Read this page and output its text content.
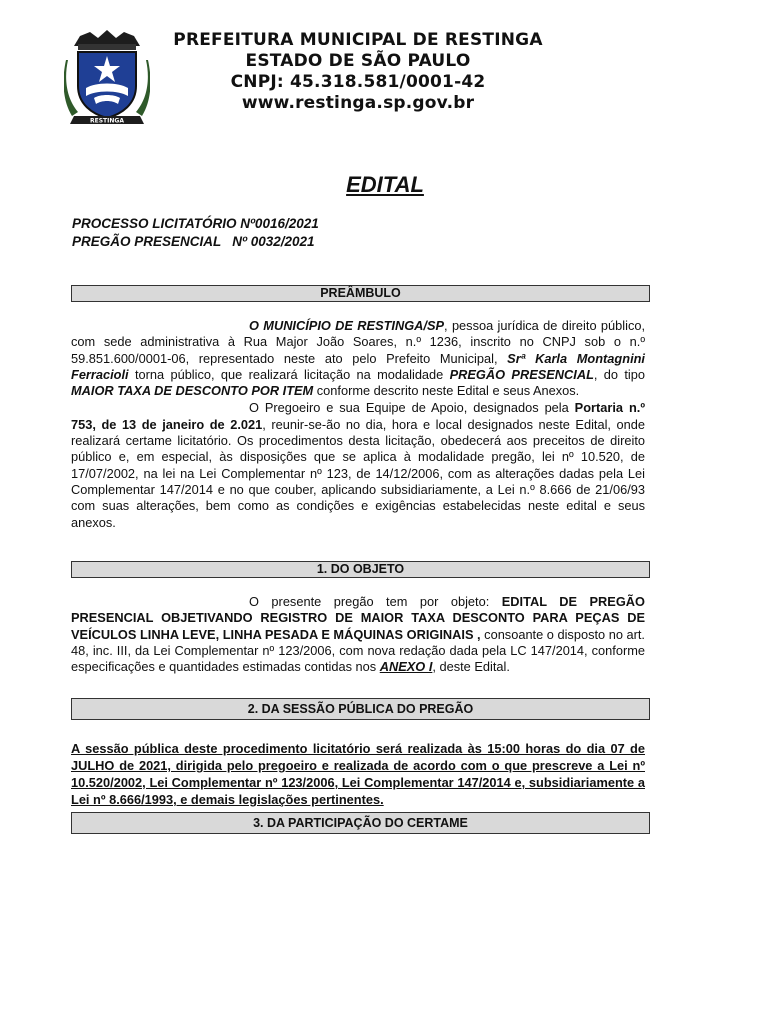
RESTINGA
PREFEITURA MUNICIPAL DE RESTINGA
ESTADO DE SÃO PAULO
CNPJ: 45.318.581/0001-42
www.restinga.sp.gov.br
EDITAL
PROCESSO LICITATÓRIO Nº0016/2021
PREGÃO PRESENCIAL   Nº 0032/2021
PREÂMBULO

O MUNICÍPIO DE RESTINGA/SP, pessoa jurídica de direito público, com sede administrativa à Rua Major João Soares, n.º 1236, inscrito no CNPJ sob o n.º 59.851.600/0001-06, representado neste ato pelo Prefeito Municipal, Srª Karla Montagnini Ferracioli torna público, que realizará licitação na modalidade PREGÃO PRESENCIAL, do tipo MAIOR TAXA DE DESCONTO POR ITEM conforme descrito neste Edital e seus Anexos.

O Pregoeiro e sua Equipe de Apoio, designados pela Portaria n.º 753, de 13 de janeiro de 2.021, reunir-se-ão no dia, hora e local designados neste Edital, onde realizará certame licitatório. Os procedimentos desta licitação, obedecerá aos preceitos de direito público e, em especial, às disposições que se aplica à modalidade pregão, lei nº 10.520, de 17/07/2002, na lei na Lei Complementar nº 123, de 14/12/2006, com as alterações dadas pela Lei Complementar 147/2014 e no que couber, aplicando subsidiariamente, a Lei n.º 8.666 de 21/06/93 com suas alterações, bem como as condições e exigências estabelecidas neste edital e seus anexos.

1. DO OBJETO

O presente pregão tem por objeto: EDITAL DE PREGÃO PRESENCIAL OBJETIVANDO REGISTRO DE MAIOR TAXA DESCONTO PARA PEÇAS DE VEÍCULOS LINHA LEVE, LINHA PESADA E MÁQUINAS ORIGINAIS , consoante o disposto no art. 48, inc. III, da Lei Complementar nº 123/2006, com nova redação dada pela LC 147/2014, conforme especificações e quantidades estimadas contidas nos ANEXO I, deste Edital.

2. DA SESSÃO PÚBLICA DO PREGÃO

A sessão pública deste procedimento licitatório será realizada às 15:00 horas do dia 07 de JULHO de 2021, dirigida pelo pregoeiro e realizada de acordo com o que prescreve a Lei nº 10.520/2002, Lei Complementar nº 123/2006, Lei Complementar 147/2014 e, subsidiariamente a Lei nº 8.666/1993, e demais legislações pertinentes.

3. DA PARTICIPAÇÃO DO CERTAME
